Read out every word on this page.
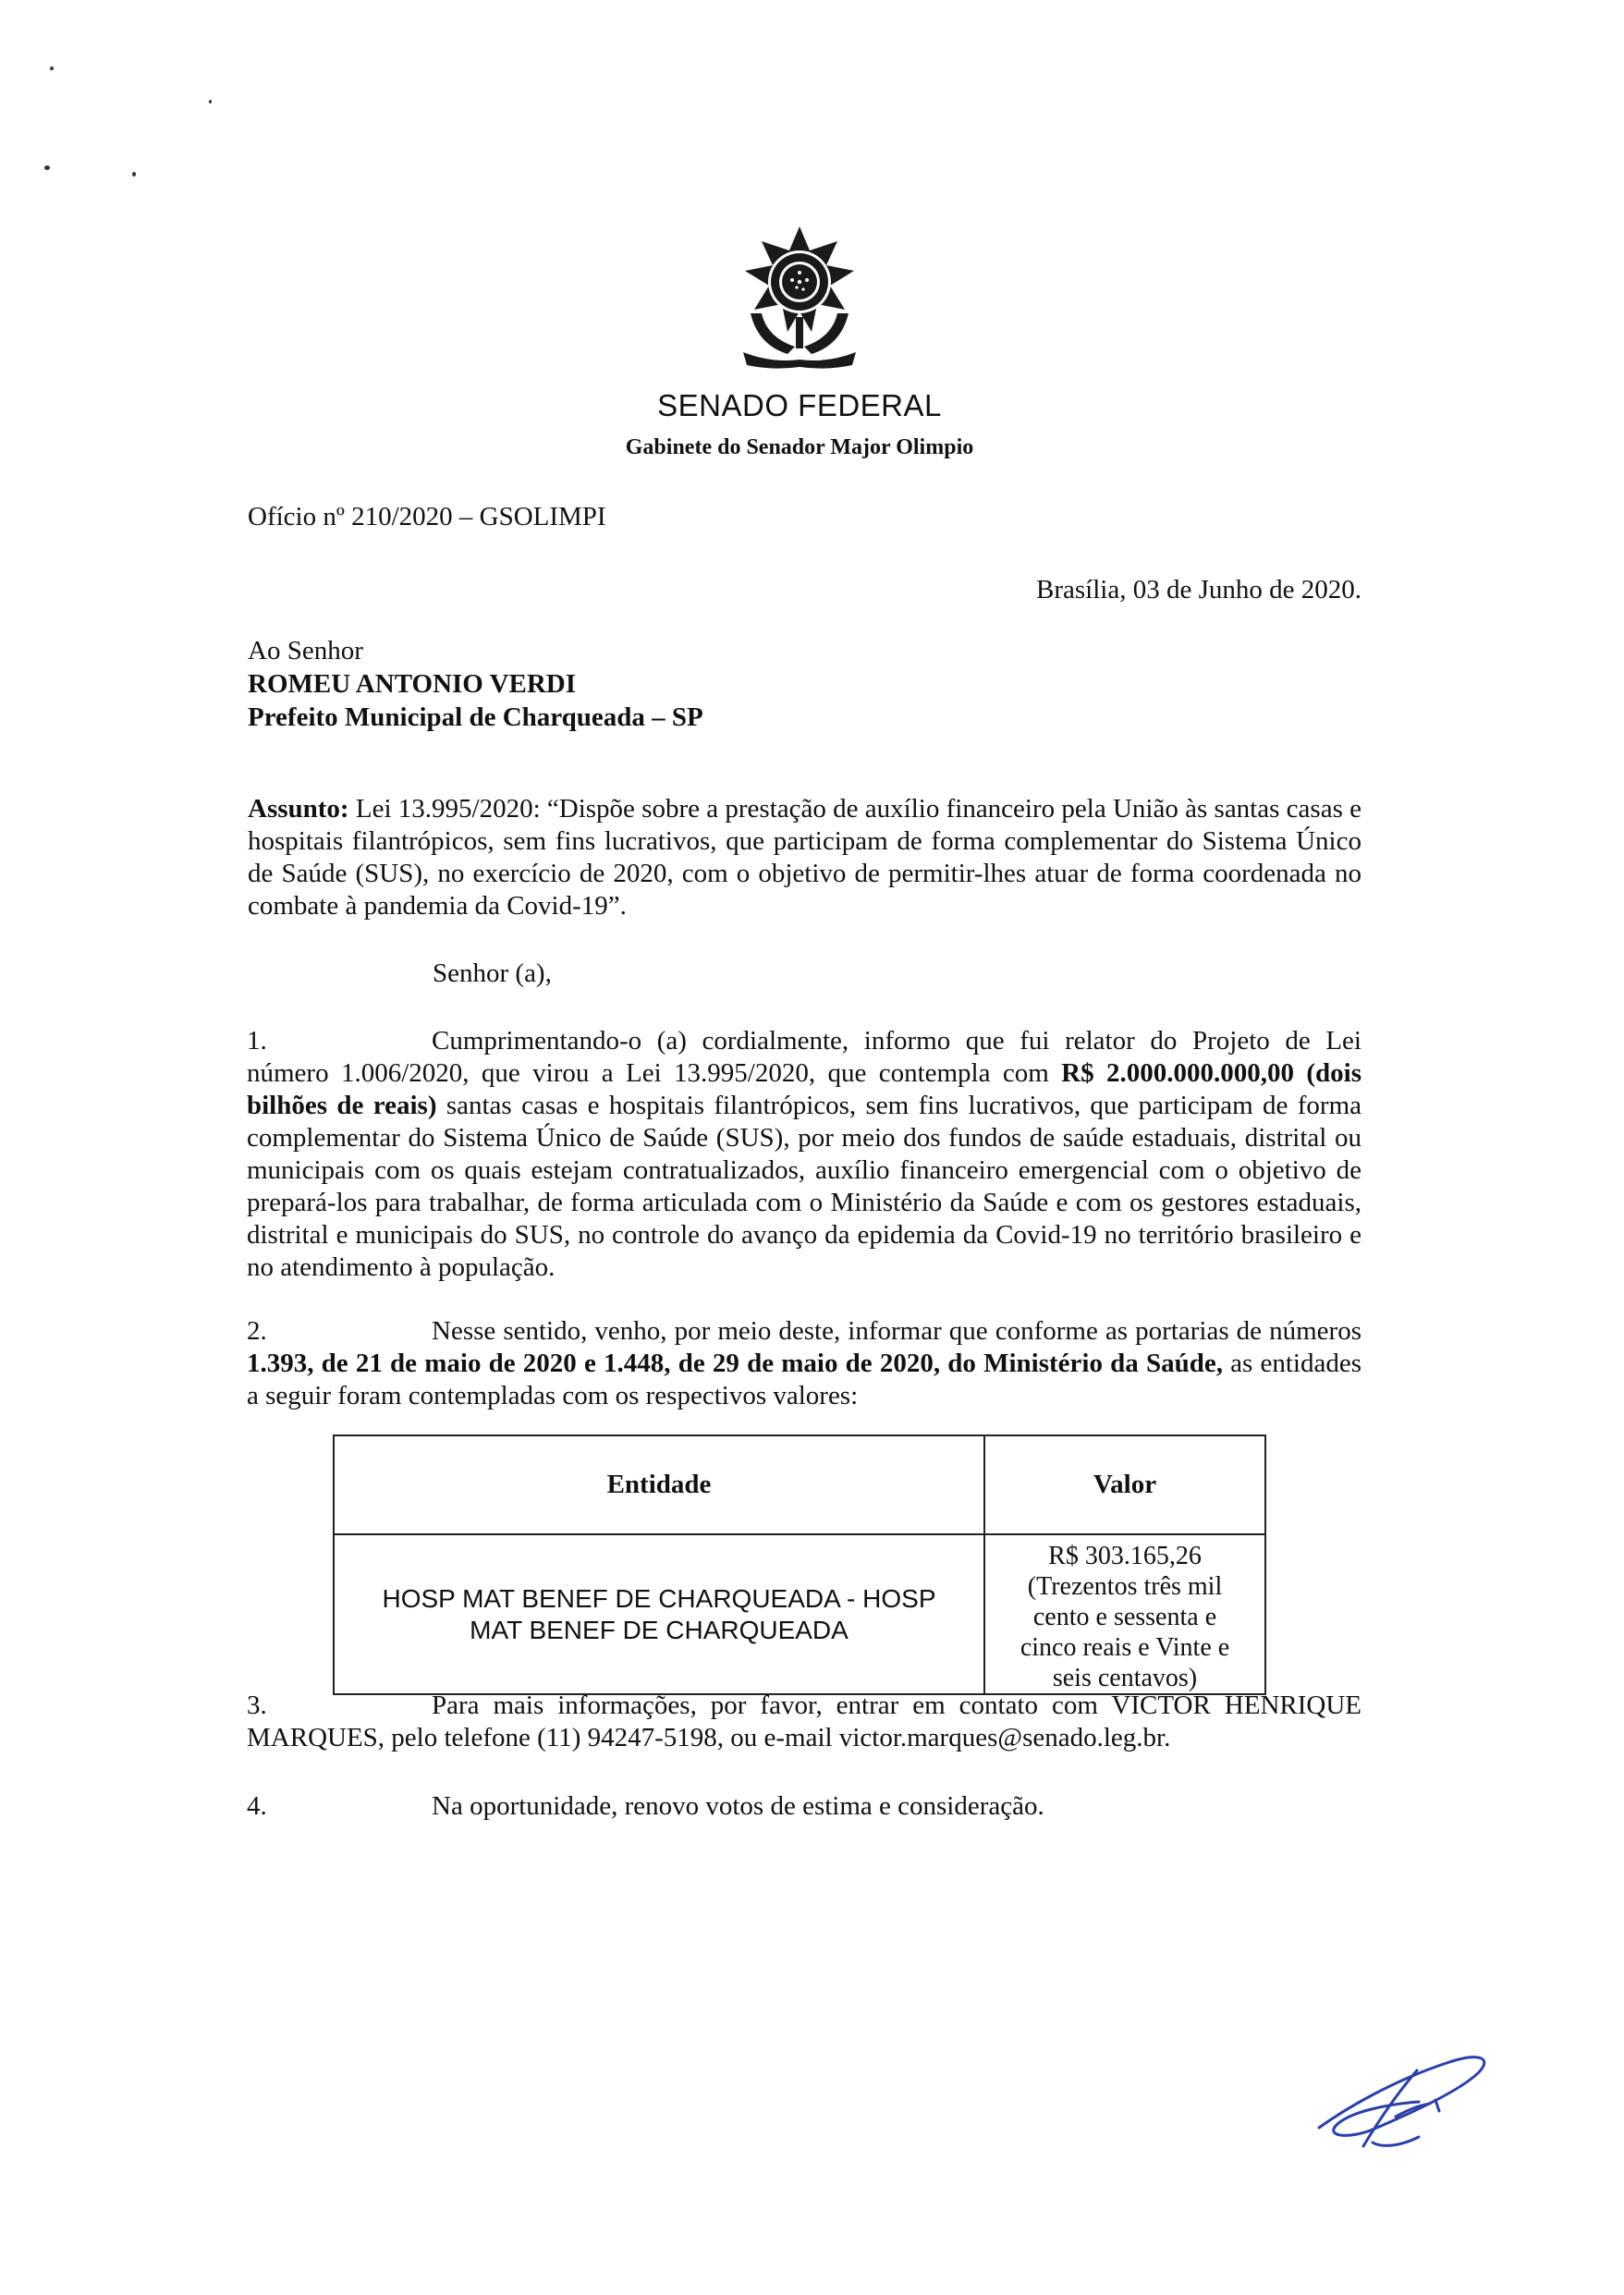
SENADO FEDERAL
Gabinete do Senador Major Olimpio
Ofício nº 210/2020 – GSOLIMPI
Brasília, 03 de Junho de 2020.
Ao Senhor
ROMEU ANTONIO VERDI
Prefeito Municipal de Charqueada – SP
Assunto: Lei 13.995/2020: “Dispõe sobre a prestação de auxílio financeiro pela União às santas casas e hospitais filantrópicos, sem fins lucrativos, que participam de forma complementar do Sistema Único de Saúde (SUS), no exercício de 2020, com o objetivo de permitir-lhes atuar de forma coordenada no combate à pandemia da Covid-19”.
Senhor (a),
1.	Cumprimentando-o (a) cordialmente, informo que fui relator do Projeto de Lei número 1.006/2020, que virou a Lei 13.995/2020, que contempla com R$ 2.000.000.000,00 (dois bilhões de reais) santas casas e hospitais filantrópicos, sem fins lucrativos, que participam de forma complementar do Sistema Único de Saúde (SUS), por meio dos fundos de saúde estaduais, distrital ou municipais com os quais estejam contratualizados, auxílio financeiro emergencial com o objetivo de prepará-los para trabalhar, de forma articulada com o Ministério da Saúde e com os gestores estaduais, distrital e municipais do SUS, no controle do avanço da epidemia da Covid-19 no território brasileiro e no atendimento à população.
2.	Nesse sentido, venho, por meio deste, informar que conforme as portarias de números 1.393, de 21 de maio de 2020 e 1.448, de 29 de maio de 2020, do Ministério da Saúde, as entidades a seguir foram contempladas com os respectivos valores:
Entidade	Valor
HOSP MAT BENEF DE CHARQUEADA - HOSP MAT BENEF DE CHARQUEADA	R$ 303.165,26
(Trezentos três mil cento e sessenta e cinco reais e Vinte e seis centavos)
3.	Para mais informações, por favor, entrar em contato com VICTOR HENRIQUE MARQUES, pelo telefone (11) 94247-5198, ou e-mail victor.marques@senado.leg.br.
4.	Na oportunidade, renovo votos de estima e consideração.
